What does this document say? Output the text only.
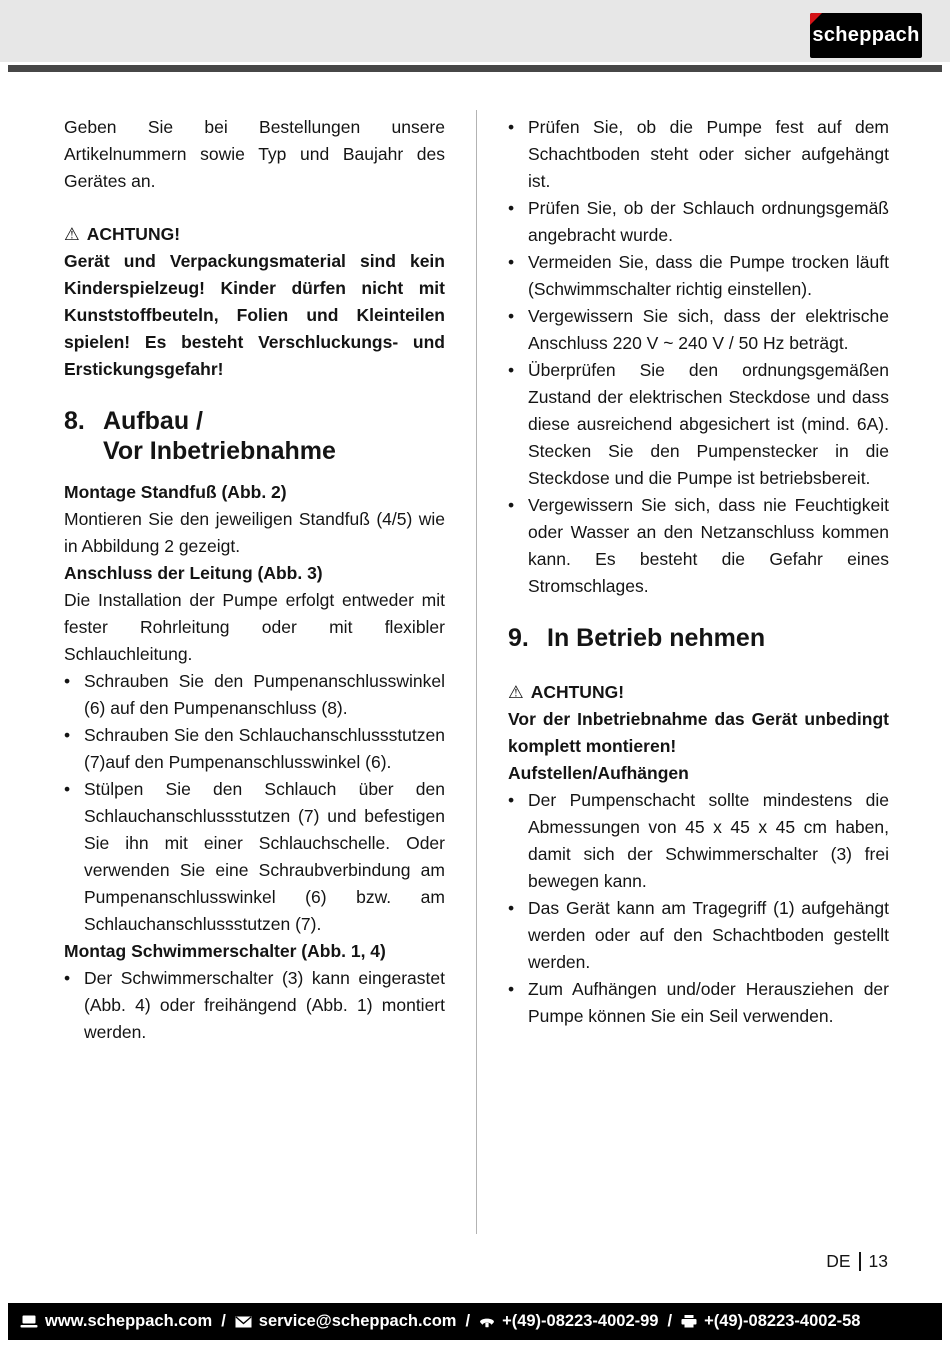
scheppach

Geben Sie bei Bestellungen unsere Artikelnummern sowie Typ und Baujahr des Gerätes an.

⚠ ACHTUNG!

Gerät und Verpackungsmaterial sind kein Kinderspielzeug! Kinder dürfen nicht mit Kunststoffbeuteln, Folien und Kleinteilen spielen! Es besteht Verschluckungs- und Erstickungsgefahr!

8. Aufbau /
Vor Inbetriebnahme

Montage Standfuß (Abb. 2)

Montieren Sie den jeweiligen Standfuß (4/5) wie in Abbildung 2 gezeigt.

Anschluss der Leitung (Abb. 3)

Die Installation der Pumpe erfolgt entweder mit fester Rohrleitung oder mit flexibler Schlauchleitung.

• Schrauben Sie den Pumpenanschlusswinkel (6) auf den Pumpenanschluss (8).
• Schrauben Sie den Schlauchanschlussstutzen (7)auf den Pumpenanschlusswinkel (6).
• Stülpen Sie den Schlauch über den Schlauchanschlussstutzen (7) und befestigen Sie ihn mit einer Schlauchschelle. Oder verwenden Sie eine Schraubverbindung am Pumpenanschlusswinkel (6) bzw. am Schlauchanschlussstutzen (7).

Montag Schwimmerschalter (Abb. 1, 4)

• Der Schwimmerschalter (3) kann eingerastet (Abb. 4) oder freihängend (Abb. 1) montiert werden.
• Prüfen Sie, ob die Pumpe fest auf dem Schachtboden steht oder sicher aufgehängt ist.
• Prüfen Sie, ob der Schlauch ordnungsgemäß angebracht wurde.
• Vermeiden Sie, dass die Pumpe trocken läuft (Schwimmschalter richtig einstellen).
• Vergewissern Sie sich, dass der elektrische Anschluss 220 V ~ 240 V / 50 Hz beträgt.
• Überprüfen Sie den ordnungsgemäßen Zustand der elektrischen Steckdose und dass diese ausreichend abgesichert ist (mind. 6A). Stecken Sie den Pumpenstecker in die Steckdose und die Pumpe ist betriebsbereit.
• Vergewissern Sie sich, dass nie Feuchtigkeit oder Wasser an den Netzanschluss kommen kann. Es besteht die Gefahr eines Stromschlages.
9. In Betrieb nehmen

⚠ ACHTUNG!

Vor der Inbetriebnahme das Gerät unbedingt komplett montieren!

Aufstellen/Aufhängen

• Der Pumpenschacht sollte mindestens die Abmessungen von 45 x 45 x 45 cm haben, damit sich der Schwimmerschalter (3) frei bewegen kann.
• Das Gerät kann am Tragegriff (1) aufgehängt werden oder auf den Schachtboden gestellt werden.
• Zum Aufhängen und/oder Herausziehen der Pumpe können Sie ein Seil verwenden.
DE 13
www.scheppach.com / service@scheppach.com / +(49)-08223-4002-99 / +(49)-08223-4002-58
